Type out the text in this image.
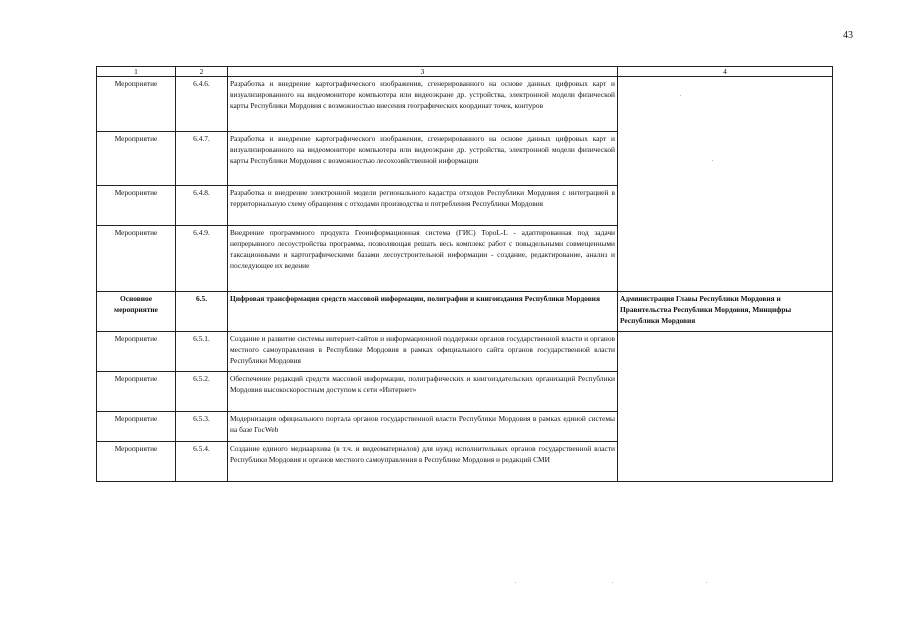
43
1	2	3	4
Мероприятие	6.4.6.	Разработка и внедрение картографического изображения, сгенерированного на основе данных цифровых карт и визуализированного на видеомониторе компьютера или видеоэкране др. устройства, электронной модели физической карты Республики Мордовия с возможностью внесения географических координат точек, контуров	
Мероприятие	6.4.7.	Разработка и внедрение картографического изображения, сгенерированного на основе данных цифровых карт и визуализированного на видеомониторе компьютера или видеоэкране др. устройства, электронной модели физической карты Республики Мордовия с возможностью лесохозяйственной информации	
Мероприятие	6.4.8.	Разработка и внедрение электронной модели регионального кадастра отходов Республики Мордовия с интеграцией в территориальную схему обращения с отходами производства и потребления Республики Мордовия	
Мероприятие	6.4.9.	Внедрение программного продукта Геоинформационная система (ГИС) TopoL-L - адаптированная под задачи непрерывного лесоустройства программа, позволяющая решать весь комплекс работ с повыдельными совмещенными таксационными и картографическими базами лесоустроительной информации - создание, редактирование, анализ и последующее их ведение	
Основное мероприятие	6.5.	Цифровая трансформация средств массовой информации, полиграфии и книгоиздания Республики Мордовия	Администрация Главы Республики Мордовия и Правительства Республики Мордовия, Минцифры Республики Мордовия
Мероприятие	6.5.1.	Создание и развитие системы интернет-сайтов и информационной поддержки органов государственной власти и органов местного самоуправления в Республике Мордовия в рамках официального сайта органов государственной власти Республики Мордовия	
Мероприятие	6.5.2.	Обеспечение редакций средств массовой информации, полиграфических и книгоиздательских организаций Республики Мордовия высокоскоростным доступом к сети «Интернет»	
Мероприятие	6.5.3.	Модернизация официального портала органов государственной власти Республики Мордовия в рамках единой системы на базе ГосWeb	
Мероприятие	6.5.4.	Создание единого медиаархива (в т.ч. и видеоматериалов) для нужд исполнительных органов государственной власти Республики Мордовия и органов местного самоуправления в Республике Мордовия и редакций СМИ	
